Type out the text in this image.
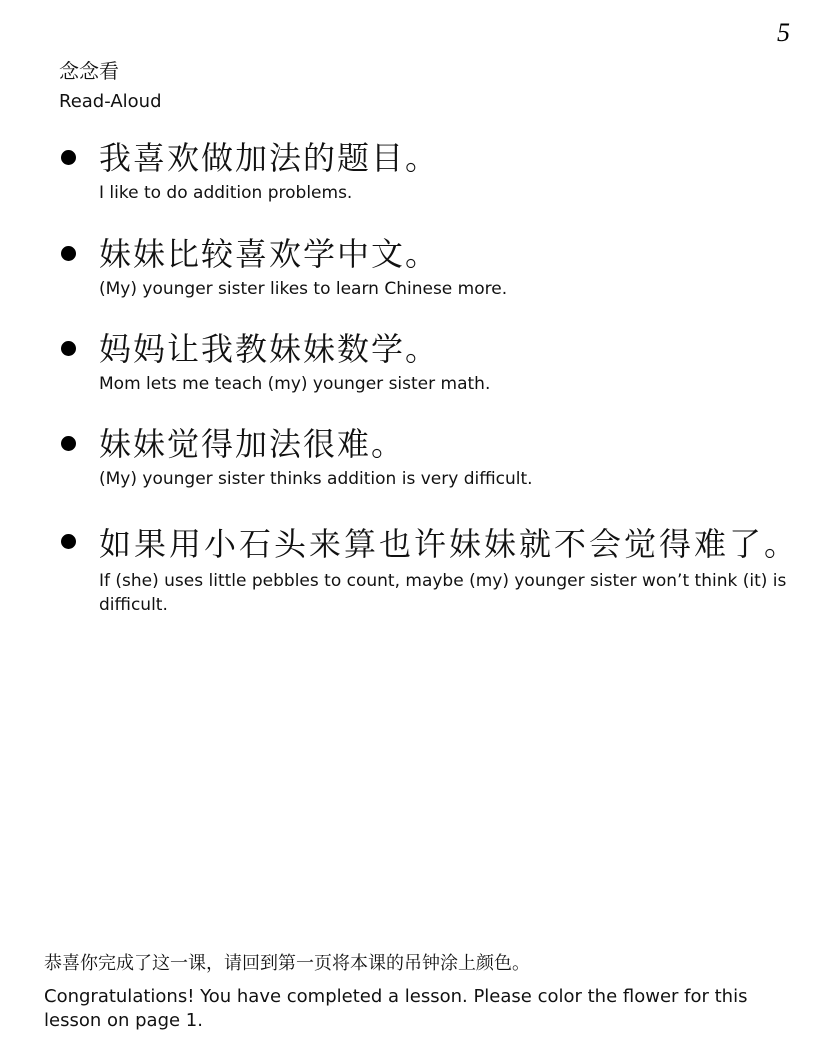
5
念念看
Read-Aloud
我喜欢做加法的题目。
I like to do addition problems.
妹妹比较喜欢学中文。
(My) younger sister likes to learn Chinese more.
妈妈让我教妹妹数学。
Mom lets me teach (my) younger sister math.
妹妹觉得加法很难。
(My) younger sister thinks addition is very difficult.
如果用小石头来算也许妹妹就不会觉得难了。
If (she) uses little pebbles to count, maybe (my) younger sister won’t think (it) is difficult.
恭喜你完成了这一课，请回到第一页将本课的吊钟涂上颜色。
Congratulations! You have completed a lesson. Please color the flower for this lesson on page 1.
